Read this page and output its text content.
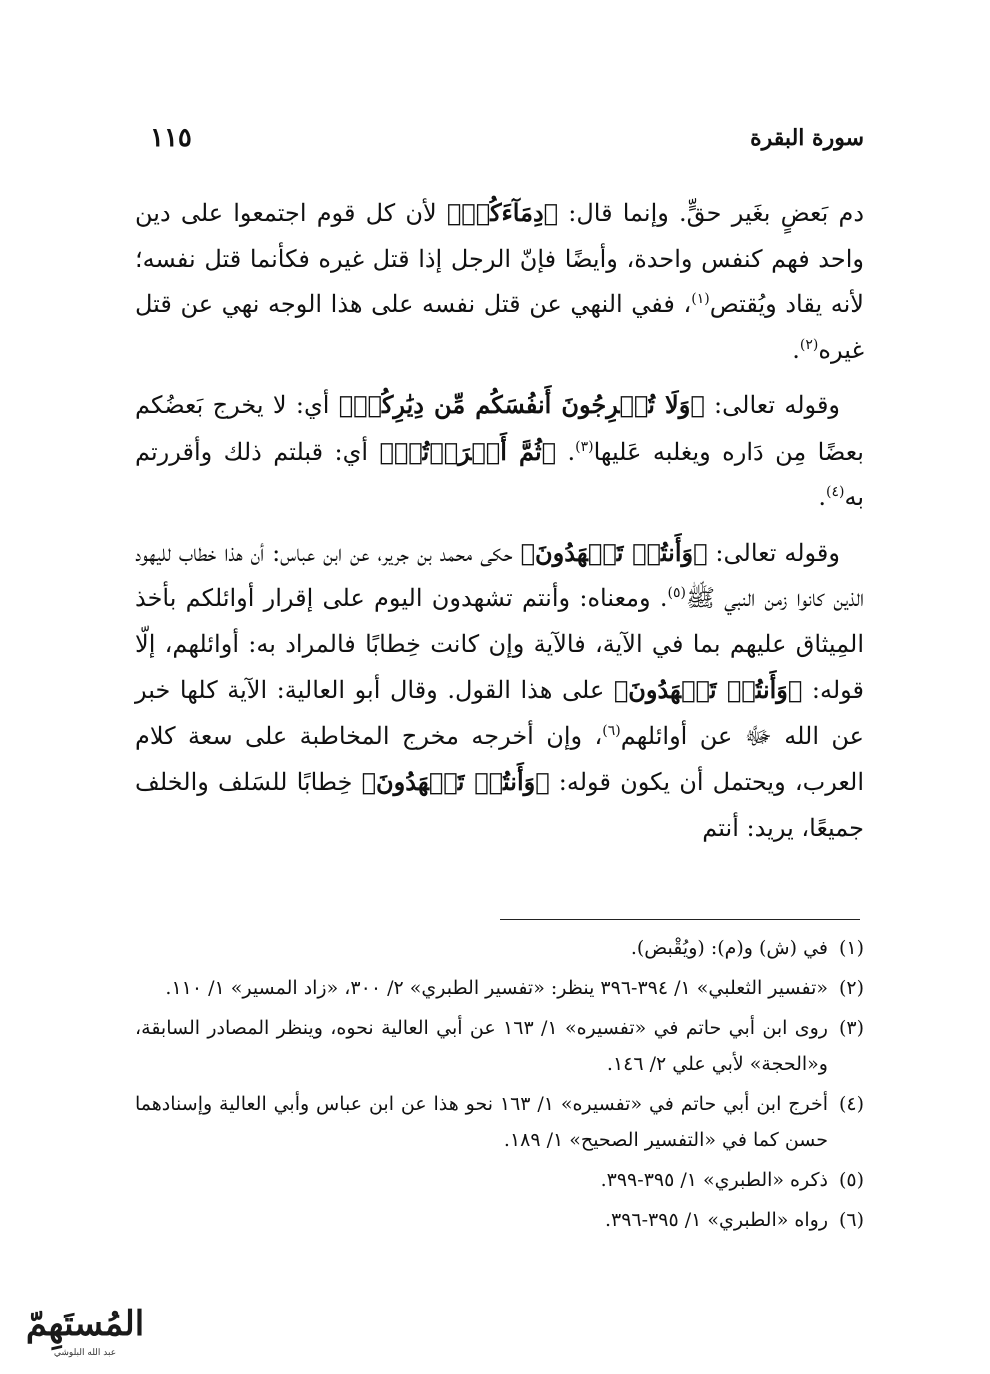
سورة البقرة
١١٥

دم بَعضٍ بغَير حقٍّ. وإنما قال: ﴿دِمَآءَكُمۡ﴾ لأن كل قوم اجتمعوا على دين واحد فهم كنفس واحدة، وأيضًا فإنّ الرجل إذا قتل غيره فكأنما قتل نفسه؛ لأنه يقاد ويُقتص$^{(١)}$، ففي النهي عن قتل نفسه على هذا الوجه نهي عن قتل غيره$^{(٢)}$.

وقوله تعالى: ﴿وَلَا تُخۡرِجُونَ أَنفُسَكُم مِّن دِيَٰرِكُمۡ﴾ أي: لا يخرج بَعضُكم بعضًا مِن دَاره ويغلبه عَليها$^{(٣)}$. ﴿ثُمَّ أَقۡرَرۡتُمۡ﴾ أي: قبلتم ذلك وأقررتم به$^{(٤)}$.

وقوله تعالى: ﴿وَأَنتُمۡ تَشۡهَدُونَ﴾ حكى محمد بن جرير، عن ابن عباس: أن هذا خطاب لليهود الذين كانوا زمن النبي ﷺ$^{(٥)}$. ومعناه: وأنتم تشهدون اليوم على إقرار أوائلكم بأخذ المِيثاق عليهم بما في الآية، فالآية وإن كانت خِطابًا فالمراد به: أوائلهم، إلّا قوله: ﴿وَأَنتُمۡ تَشۡهَدُونَ﴾ على هذا القول. وقال أبو العالية: الآية كلها خبر عن الله ﷻ عن أوائلهم$^{(٦)}$، وإن أخرجه مخرج المخاطبة على سعة كلام العرب، ويحتمل أن يكون قوله: ﴿وَأَنتُمۡ تَشۡهَدُونَ﴾ خِطابًا للسَلف والخلف جميعًا، يريد: أنتم

(١)
في (ش) و(م): (ويُقْبض).
(٢)
«تفسير الثعلبي» ١/ ٣٩٤-٣٩٦ ينظر: «تفسير الطبري» ٢/ ٣٠٠، «زاد المسير» ١/ ١١٠.
(٣)
روى ابن أبي حاتم في «تفسيره» ١/ ١٦٣ عن أبي العالية نحوه، وينظر المصادر السابقة، و«الحجة» لأبي علي ٢/ ١٤٦.
(٤)
أخرج ابن أبي حاتم في «تفسيره» ١/ ١٦٣ نحو هذا عن ابن عباس وأبي العالية وإسنادهما حسن كما في «التفسير الصحيح» ١/ ١٨٩.
(٥)
ذكره «الطبري» ١/ ٣٩٥-٣٩٩.
(٦)
رواه «الطبري» ١/ ٣٩٥-٣٩٦.
المُستَهِمّ
عبد الله البلوشي
